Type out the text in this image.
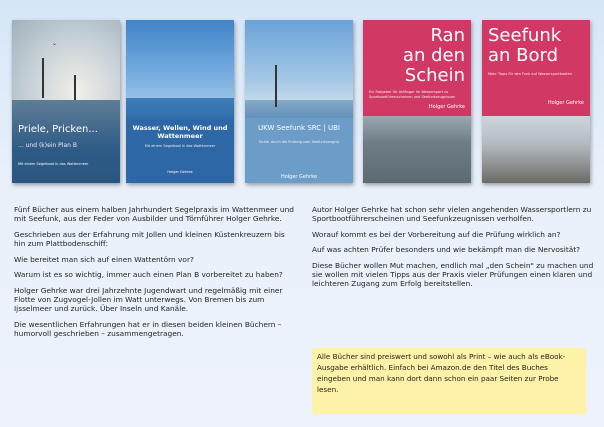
⌄
Priele, Pricken...
... und (k)ein Plan B
Mit einem Segelboot in das Wattenmeer
Wasser, Wellen, Wind und Wattenmeer
Mit einem Segelboot in das Wattenmeer
Holger Gehrke
UKW Seefunk SRC | UBI
Sicher durch die Prüfung zum Seefunkzeugnis
Holger Gehrke
Ran
an den
Schein
Ein Ratgeber für Anfänger im Wassersport zu Sportbootführerscheinen und Seefunkzeugnissen
Holger Gehrke
Seefunk
an Bord
Mehr Tipps für den Funk auf Wassersportbooten
Holger Gehrke

Fünf Bücher aus einem halben Jahrhundert Segelpraxis im Wattenmeer und mit Seefunk, aus der Feder von Ausbilder und Törnführer Holger Gehrke.

Geschrieben aus der Erfahrung mit Jollen und kleinen Küstenkreuzern bis hin zum Plattbodenschiff:

Wie bereitet man sich auf einen Wattentörn vor?

Warum ist es so wichtig, immer auch einen Plan B vorbereitet zu haben?

Holger Gehrke war drei Jahrzehnte Jugendwart und regelmäßig mit einer Flotte von Zugvogel-Jollen im Watt unterwegs. Von Bremen bis zum Ijsselmeer und zurück. Über Inseln und Kanäle.

Die wesentlichen Erfahrungen hat er in diesen beiden kleinen Büchern – humorvoll geschrieben – zusammengetragen.

Autor Holger Gehrke hat schon sehr vielen angehenden Wassersportlern zu Sportbootführerscheinen und Seefunkzeugnissen verholfen.

Worauf kommt es bei der Vorbereitung auf die Prüfung wirklich an?

Auf was achten Prüfer besonders und wie bekämpft man die Nervosität?

Diese Bücher wollen Mut machen, endlich mal „den Schein" zu machen und sie wollen mit vielen Tipps aus der Praxis vieler Prüfungen einen klaren und leichteren Zugang zum Erfolg bereitstellen.

Alle Bücher sind preiswert und sowohl als Print – wie auch als eBook-Ausgabe erhältlich. Einfach bei Amazon.de den Titel des Buches eingeben und man kann dort dann schon ein paar Seiten zur Probe lesen.
